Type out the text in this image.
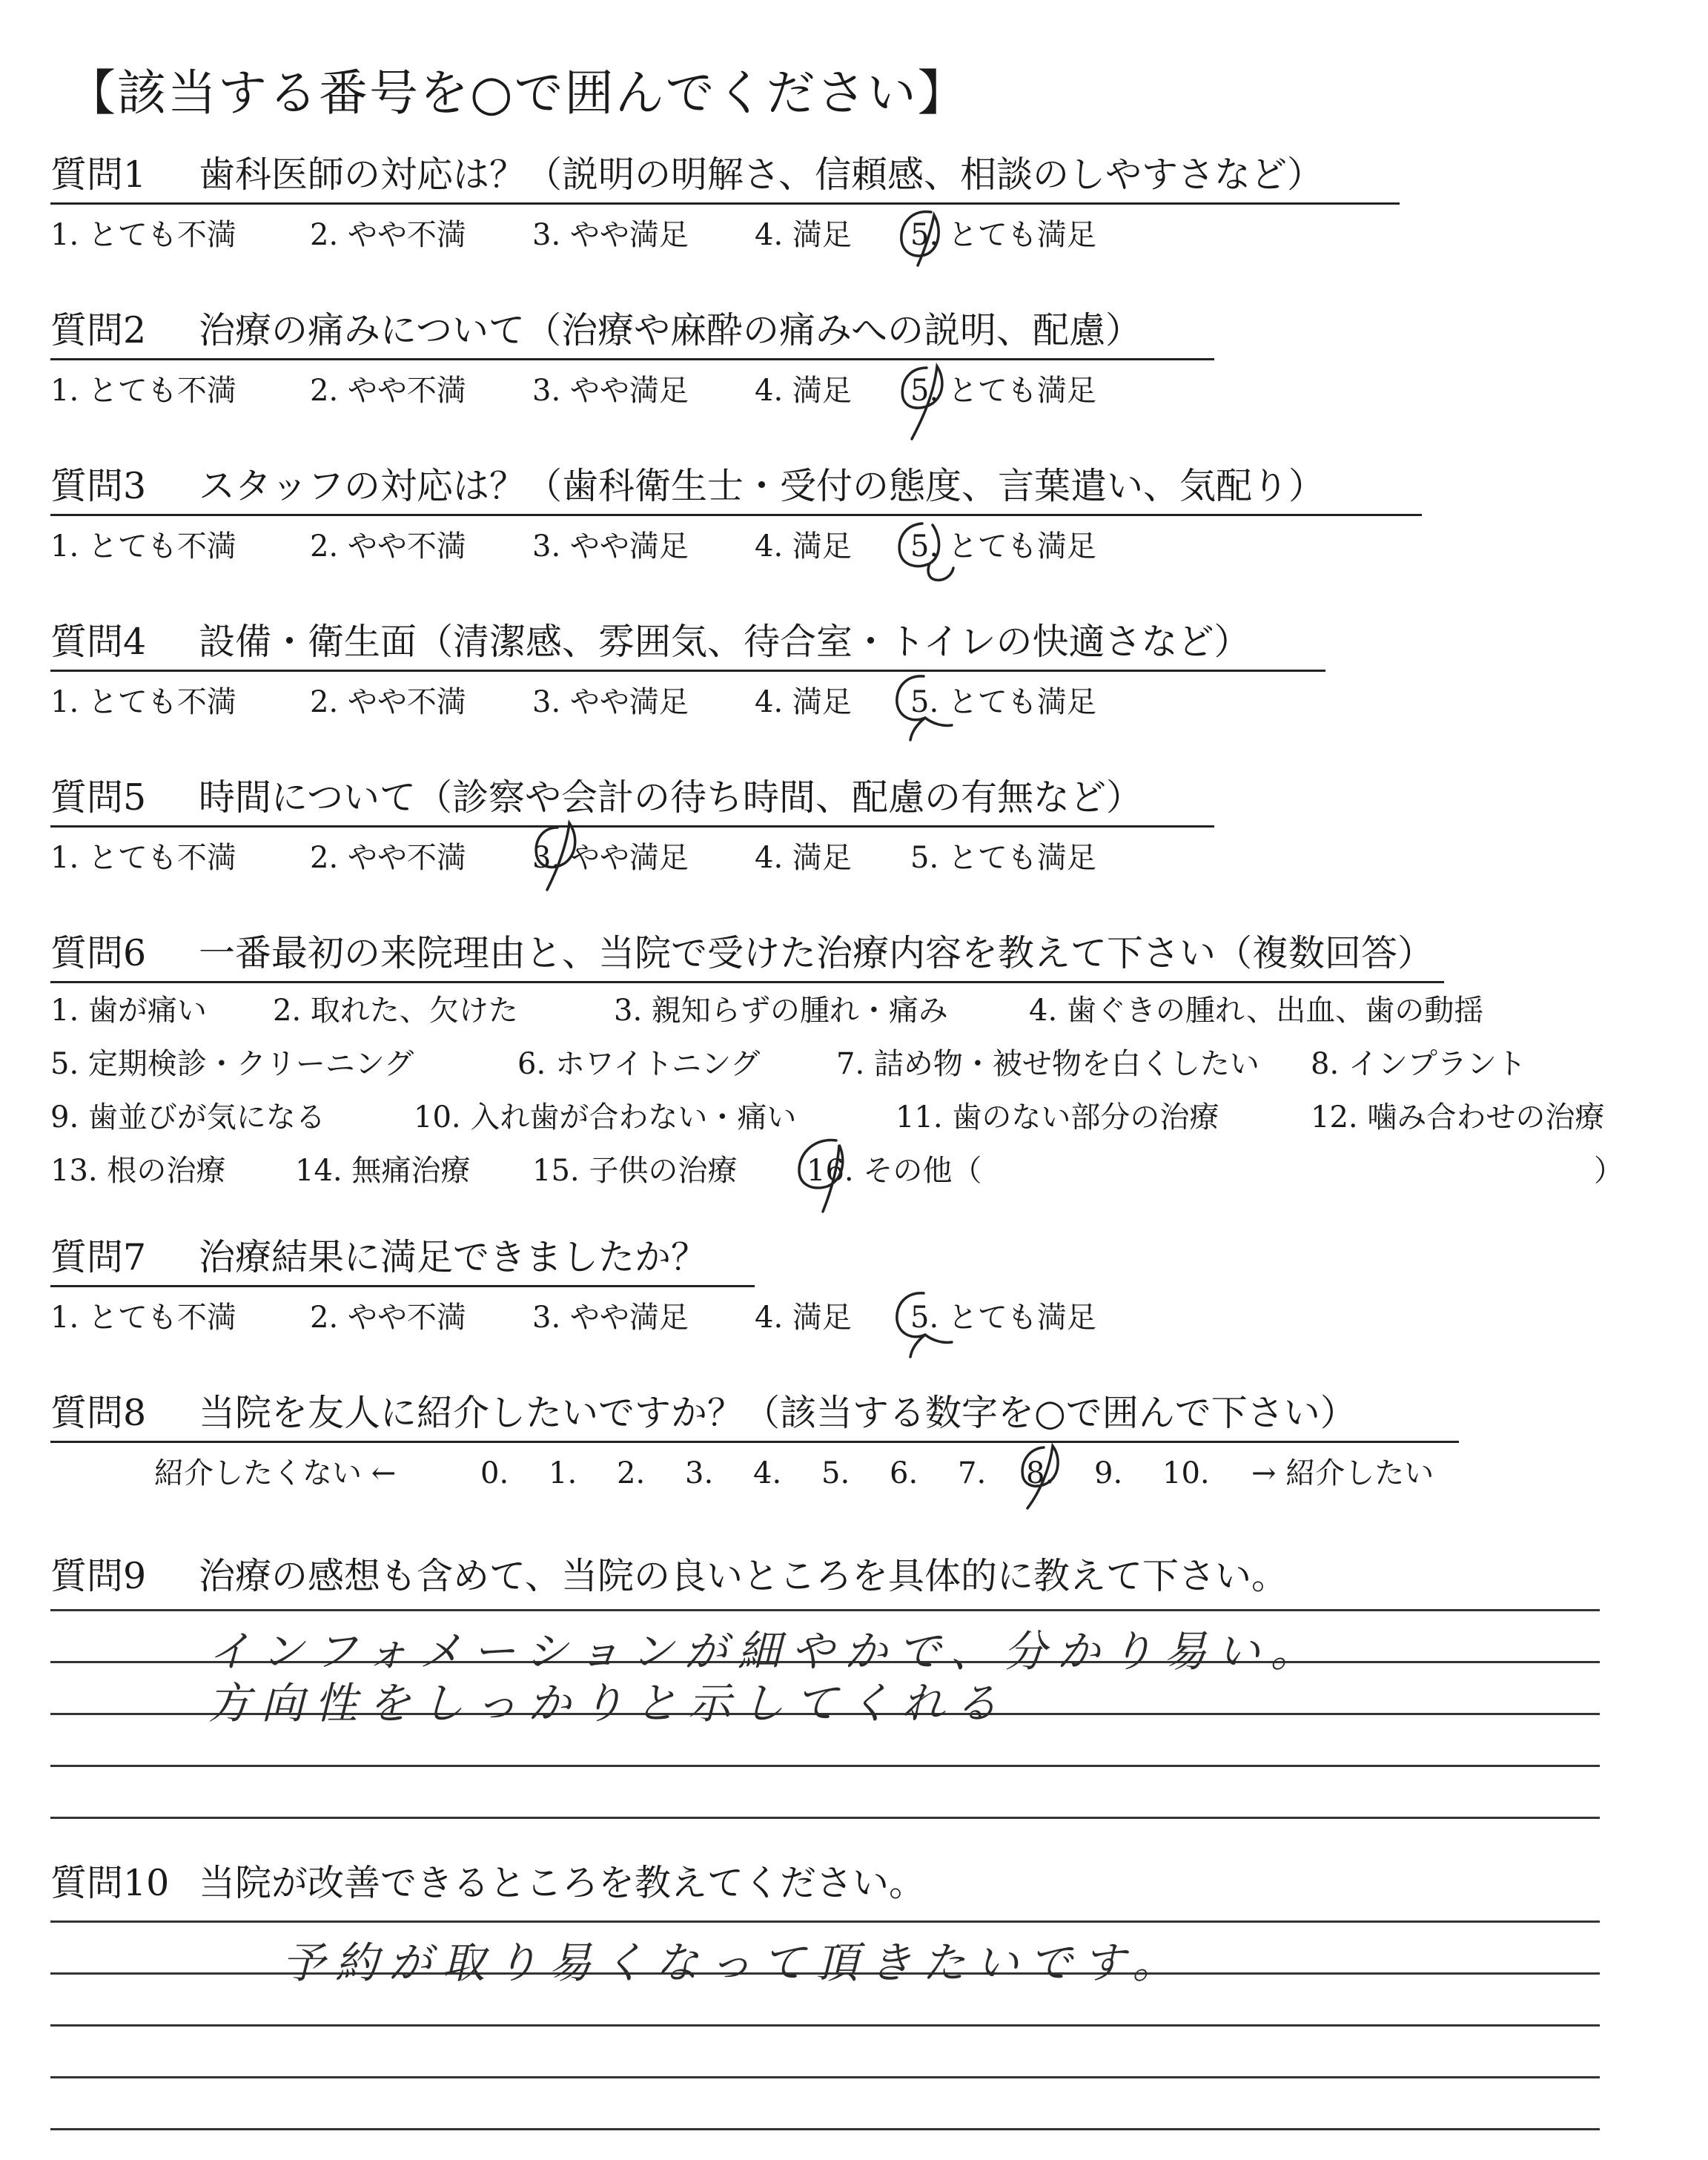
【該当する番号を○で囲んでください】
質問1 歯科医師の対応は？（説明の明解さ、信頼感、相談のしやすさなど）
1. とても不満 2. やや不満 3. やや満足 4. 満足 5. とても満足
質問2 治療の痛みについて（治療や麻酔の痛みへの説明、配慮）
1. とても不満 2. やや不満 3. やや満足 4. 満足 5. とても満足
質問3 スタッフの対応は？（歯科衛生士・受付の態度、言葉遣い、気配り）
1. とても不満 2. やや不満 3. やや満足 4. 満足 5. とても満足
質問4 設備・衛生面（清潔感、雰囲気、待合室・トイレの快適さなど）
1. とても不満 2. やや不満 3. やや満足 4. 満足 5. とても満足
質問5 時間について（診察や会計の待ち時間、配慮の有無など）
1. とても不満 2. やや不満 3. やや満足 4. 満足 5. とても満足
質問6 一番最初の来院理由と、当院で受けた治療内容を教えて下さい（複数回答）
1. 歯が痛い 2. 取れた、欠けた	3. 親知らずの腫れ・痛み	4. 歯ぐきの腫れ、出血、歯の動揺
5. 定期検診・クリーニング	6. ホワイトニング	7. 詰め物・被せ物を白くしたい 8. インプラント
9. 歯並びが気になる	10. 入れ歯が合わない・痛い	11. 歯のない部分の治療	12. 噛み合わせの治療
13. 根の治療 14. 無痛治療 15. 子供の治療 16. その他（	）
質問7 治療結果に満足できましたか？
1. とても不満 2. やや不満 3. やや満足 4. 満足 5. とても満足
質問8 当院を友人に紹介したいですか？（該当する数字を○で囲んで下さい）
紹介したくない ←	0. 1. 2. 3. 4. 5. 6. 7. 8. 9. 10. → 紹介したい
質問9 治療の感想も含めて、当院の良いところを具体的に教えて下さい。
インフォメーションが細やかで、分かり易い。
方向性をしっかりと示してくれる
質問10 当院が改善できるところを教えてください。
予約が取り易くなって頂きたいです。
